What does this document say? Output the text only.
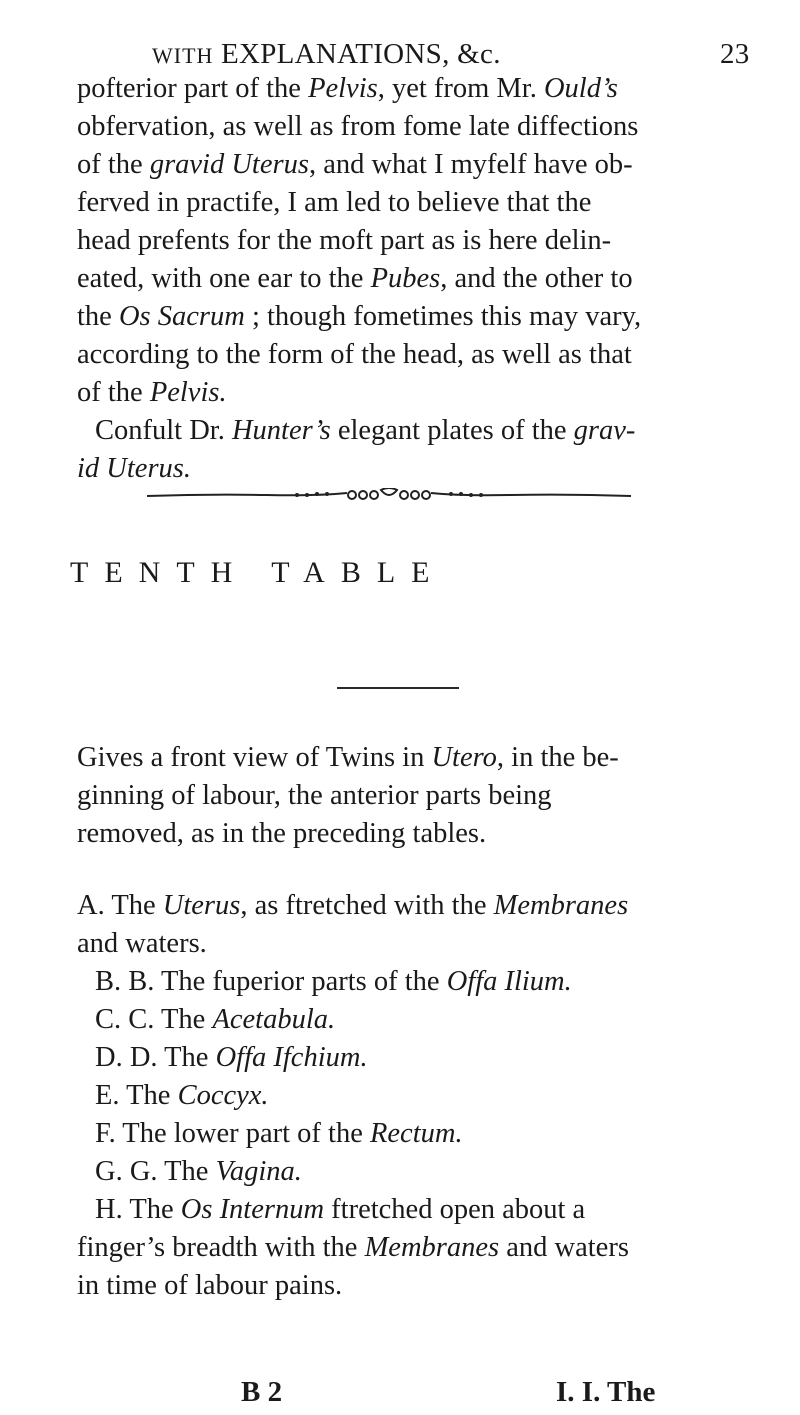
WITH EXPLANATIONS, &c.	23
pofterior part of the Pelvis, yet from Mr. Ould’s
obfervation, as well as from fome late diffections
of the gravid Uterus, and what I myfelf have ob-
ferved in practife, I am led to believe that the
head prefents for the moft part as is here delin-
eated, with one ear to the Pubes, and the other to
the Os Sacrum ; though fometimes this may vary,
according to the form of the head, as well as that
of the Pelvis.
Confult Dr. Hunter’s elegant plates of the grav-
id Uterus.
TENTH TABLE
Gives a front view of Twins in Utero, in the be-
ginning of labour, the anterior parts being
removed, as in the preceding tables.
A. The Uterus, as ftretched with the Membranes
and waters.
B. B. The fuperior parts of the Offa Ilium.
C. C. The Acetabula.
D. D. The Offa Ifchium.
E. The Coccyx.
F. The lower part of the Rectum.
G. G. The Vagina.
H. The Os Internum ftretched open about a
finger’s breadth with the Membranes and waters
in time of labour pains.
B 2	I. I. The
